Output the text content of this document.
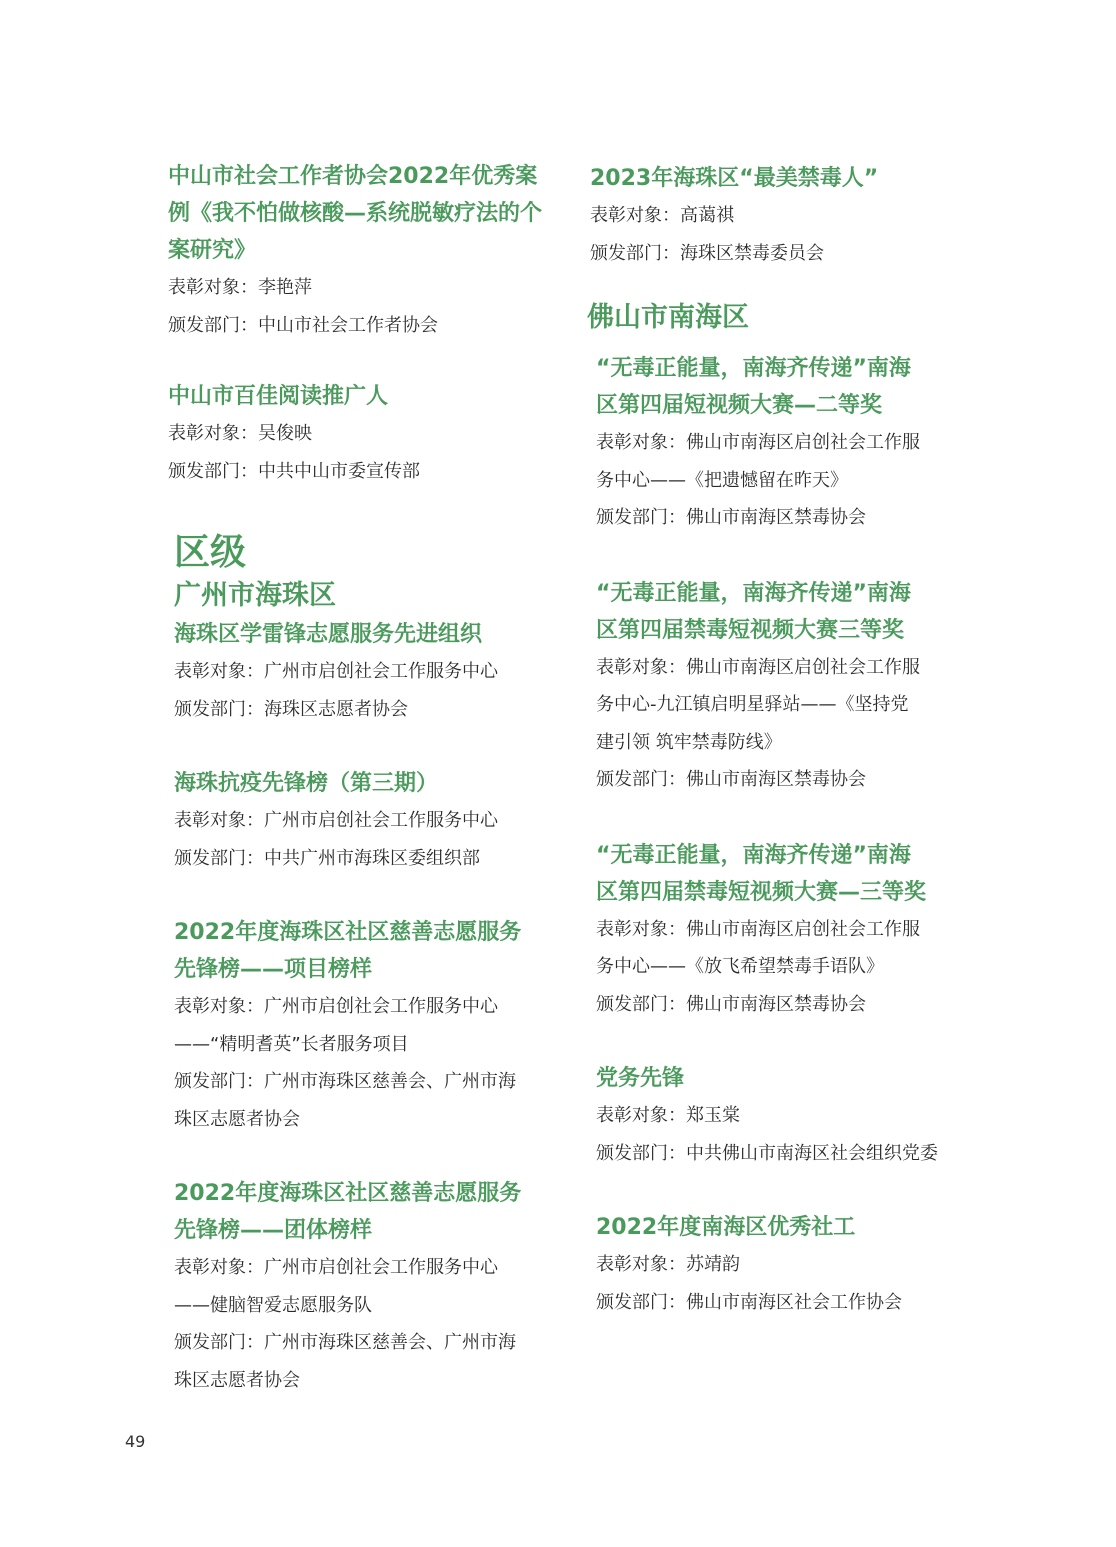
中山市社会工作者协会2022年优秀案

例《我不怕做核酸—系统脱敏疗法的个

案研究》

表彰对象：李艳萍

颁发部门：中山市社会工作者协会

中山市百佳阅读推广人

表彰对象：吴俊映

颁发部门：中共中山市委宣传部

区级

广州市海珠区

海珠区学雷锋志愿服务先进组织

表彰对象：广州市启创社会工作服务中心

颁发部门：海珠区志愿者协会

海珠抗疫先锋榜（第三期）

表彰对象：广州市启创社会工作服务中心

颁发部门：中共广州市海珠区委组织部

2022年度海珠区社区慈善志愿服务

先锋榜——项目榜样

表彰对象：广州市启创社会工作服务中心

——“精明耆英”长者服务项目

颁发部门：广州市海珠区慈善会、广州市海

珠区志愿者协会

2022年度海珠区社区慈善志愿服务

先锋榜——团体榜样

表彰对象：广州市启创社会工作服务中心

——健脑智爱志愿服务队

颁发部门：广州市海珠区慈善会、广州市海

珠区志愿者协会

2023年海珠区“最美禁毒人”

表彰对象：高蔼祺

颁发部门：海珠区禁毒委员会

佛山市南海区

“无毒正能量，南海齐传递”南海

区第四届短视频大赛—二等奖

表彰对象：佛山市南海区启创社会工作服

务中心——《把遗憾留在昨天》

颁发部门：佛山市南海区禁毒协会

“无毒正能量，南海齐传递”南海

区第四届禁毒短视频大赛三等奖

表彰对象：佛山市南海区启创社会工作服

务中心-九江镇启明星驿站——《坚持党

建引领 筑牢禁毒防线》

颁发部门：佛山市南海区禁毒协会

“无毒正能量，南海齐传递”南海

区第四届禁毒短视频大赛—三等奖

表彰对象：佛山市南海区启创社会工作服

务中心——《放飞希望禁毒手语队》

颁发部门：佛山市南海区禁毒协会

党务先锋

表彰对象：郑玉棠

颁发部门：中共佛山市南海区社会组织党委

2022年度南海区优秀社工

表彰对象：苏靖韵

颁发部门：佛山市南海区社会工作协会

49
